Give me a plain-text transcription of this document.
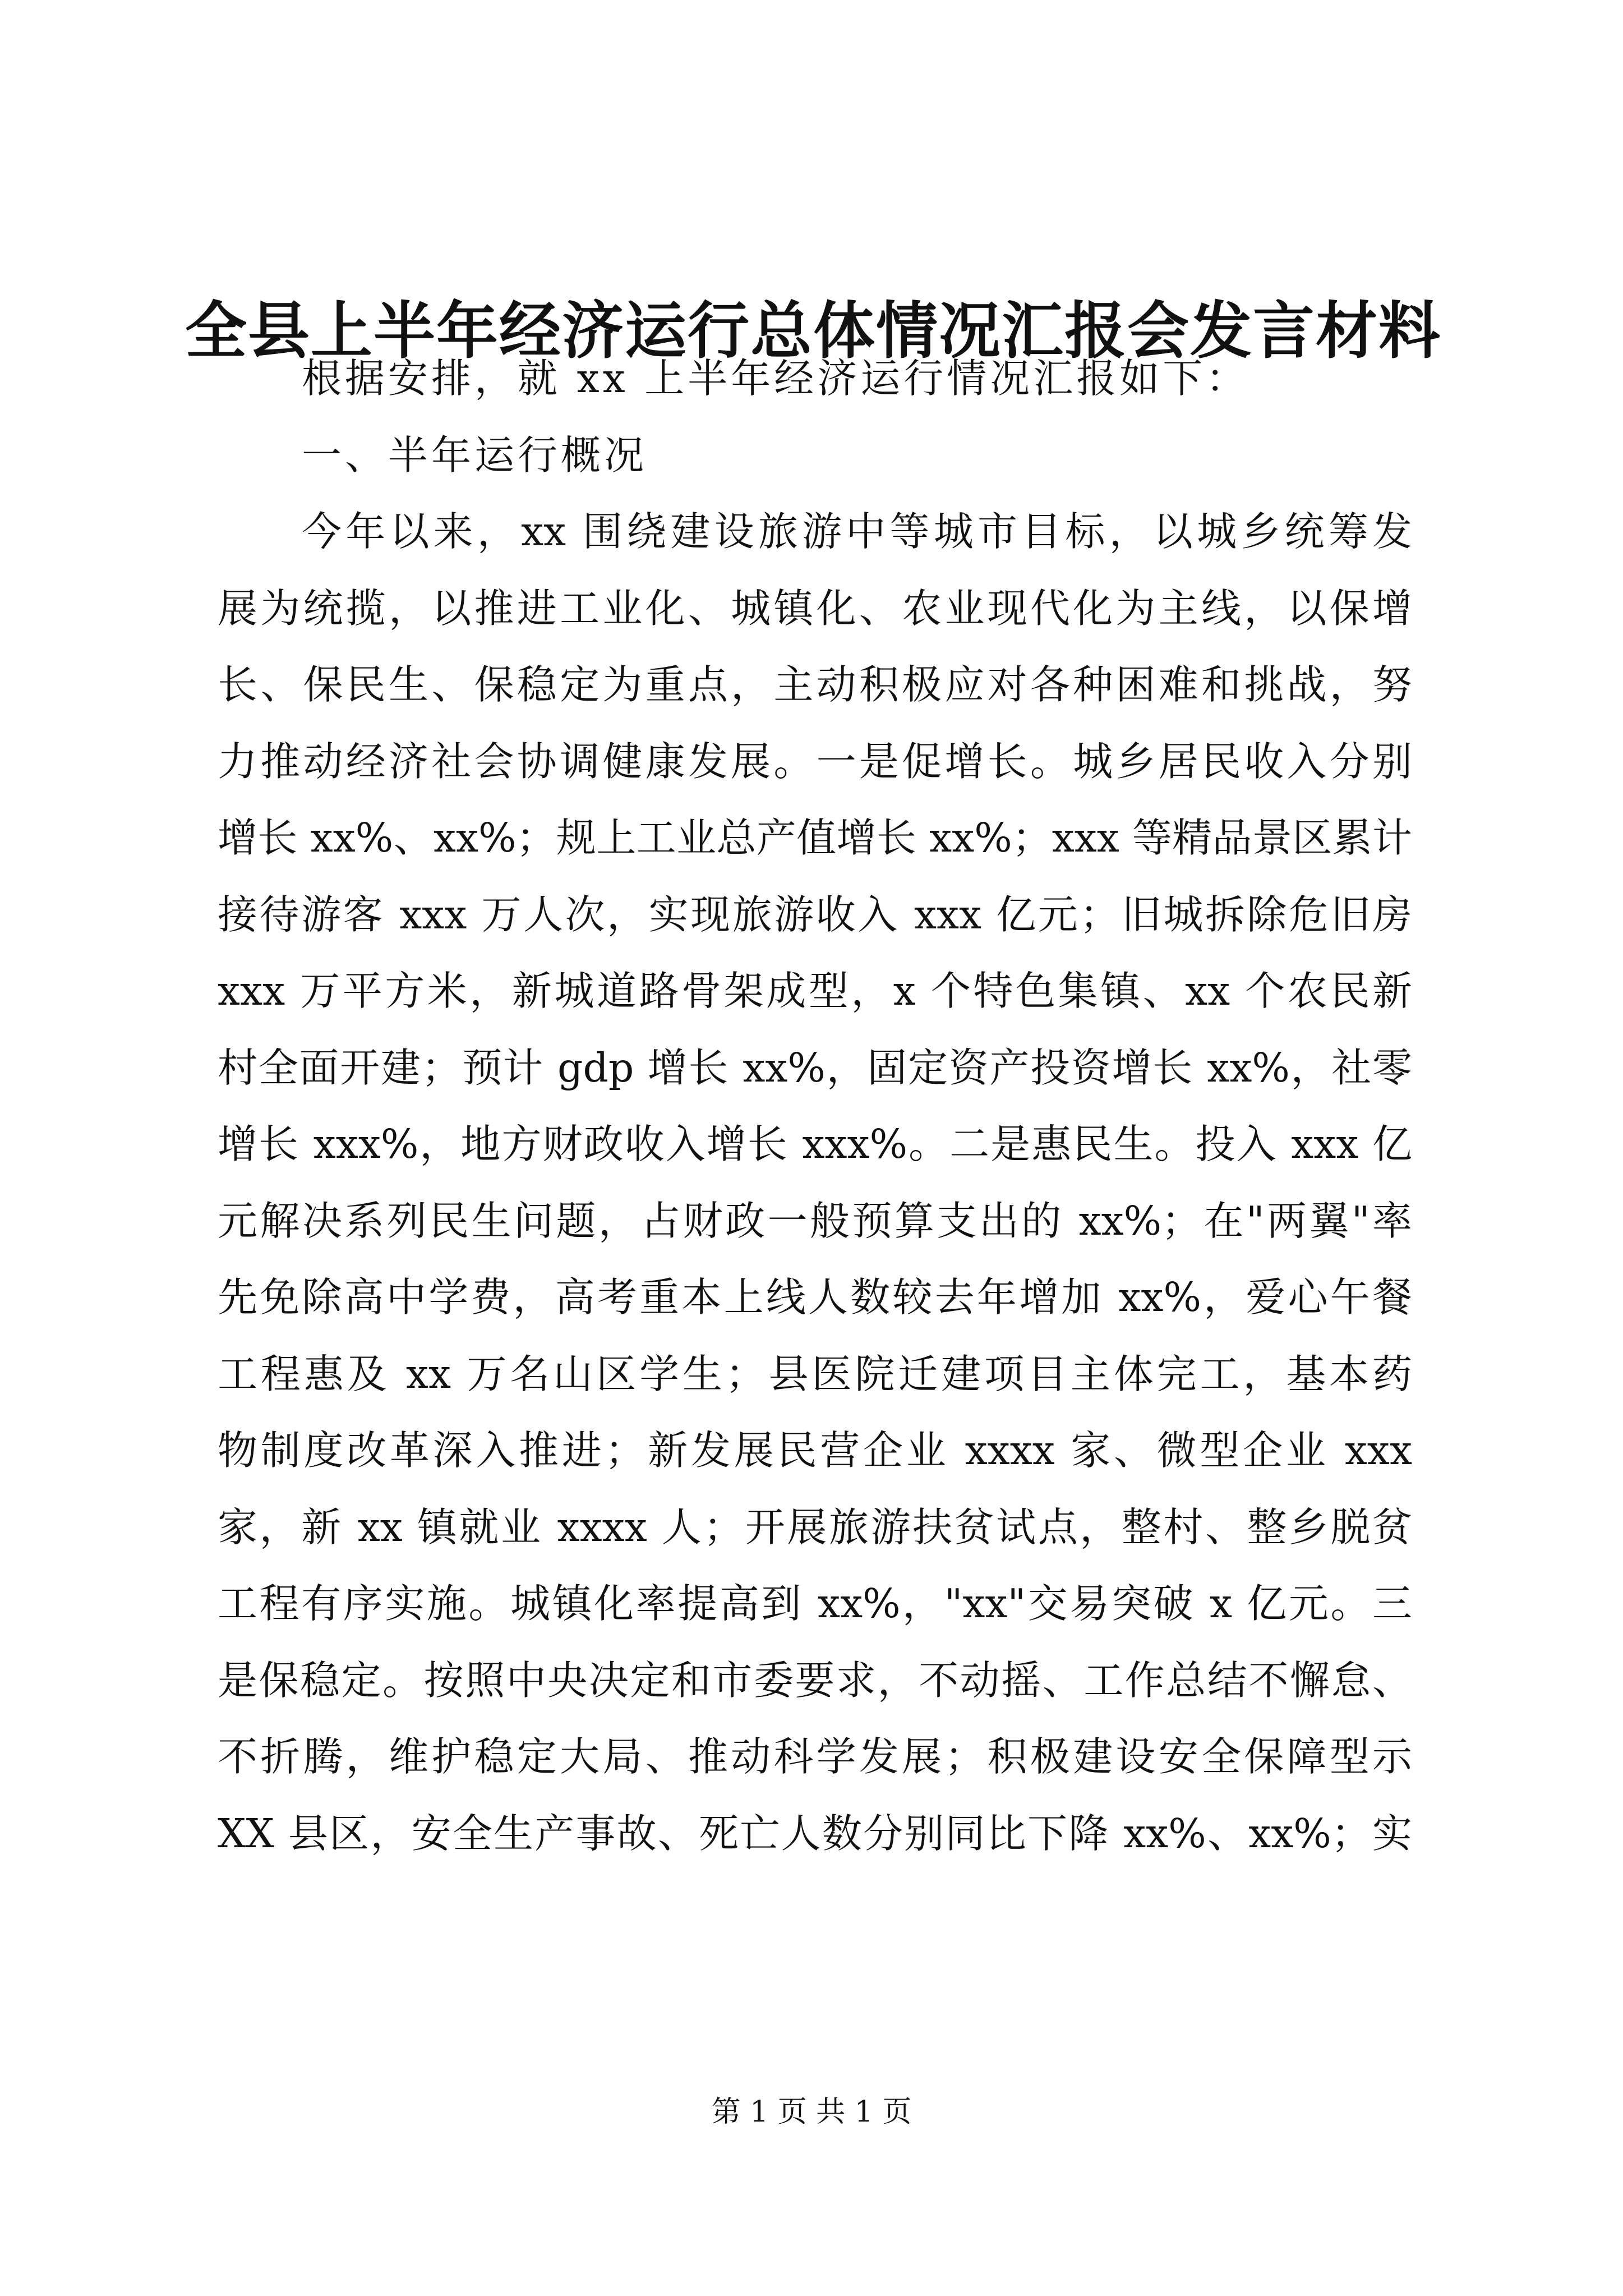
全县上半年经济运行总体情况汇报会发言材料
根据安排，就 xx 上半年经济运行情况汇报如下：
一、半年运行概况
今年以来，xx 围绕建设旅游中等城市目标，以城乡统筹发
展为统揽，以推进工业化、城镇化、农业现代化为主线，以保增
长、保民生、保稳定为重点，主动积极应对各种困难和挑战，努
力推动经济社会协调健康发展。一是促增长。城乡居民收入分别
增长 xx%、xx%；规上工业总产值增长 xx%；xxx 等精品景区累计
接待游客 xxx 万人次，实现旅游收入 xxx 亿元；旧城拆除危旧房
xxx 万平方米，新城道路骨架成型，x 个特色集镇、xx 个农民新
村全面开建；预计 gdp 增长 xx%，固定资产投资增长 xx%，社零
增长 xxx%，地方财政收入增长 xxx%。二是惠民生。投入 xxx 亿
元解决系列民生问题，占财政一般预算支出的 xx%；在"两翼"率
先免除高中学费，高考重本上线人数较去年增加 xx%，爱心午餐
工程惠及 xx 万名山区学生；县医院迁建项目主体完工，基本药
物制度改革深入推进；新发展民营企业 xxxx 家、微型企业 xxx
家，新 xx 镇就业 xxxx 人；开展旅游扶贫试点，整村、整乡脱贫
工程有序实施。城镇化率提高到 xx%，"xx"交易突破 x 亿元。三
是保稳定。按照中央决定和市委要求，不动摇、工作总结不懈怠、
不折腾，维护稳定大局、推动科学发展；积极建设安全保障型示
XX 县区，安全生产事故、死亡人数分别同比下降 xx%、xx%；实
第 1 页 共 1 页
